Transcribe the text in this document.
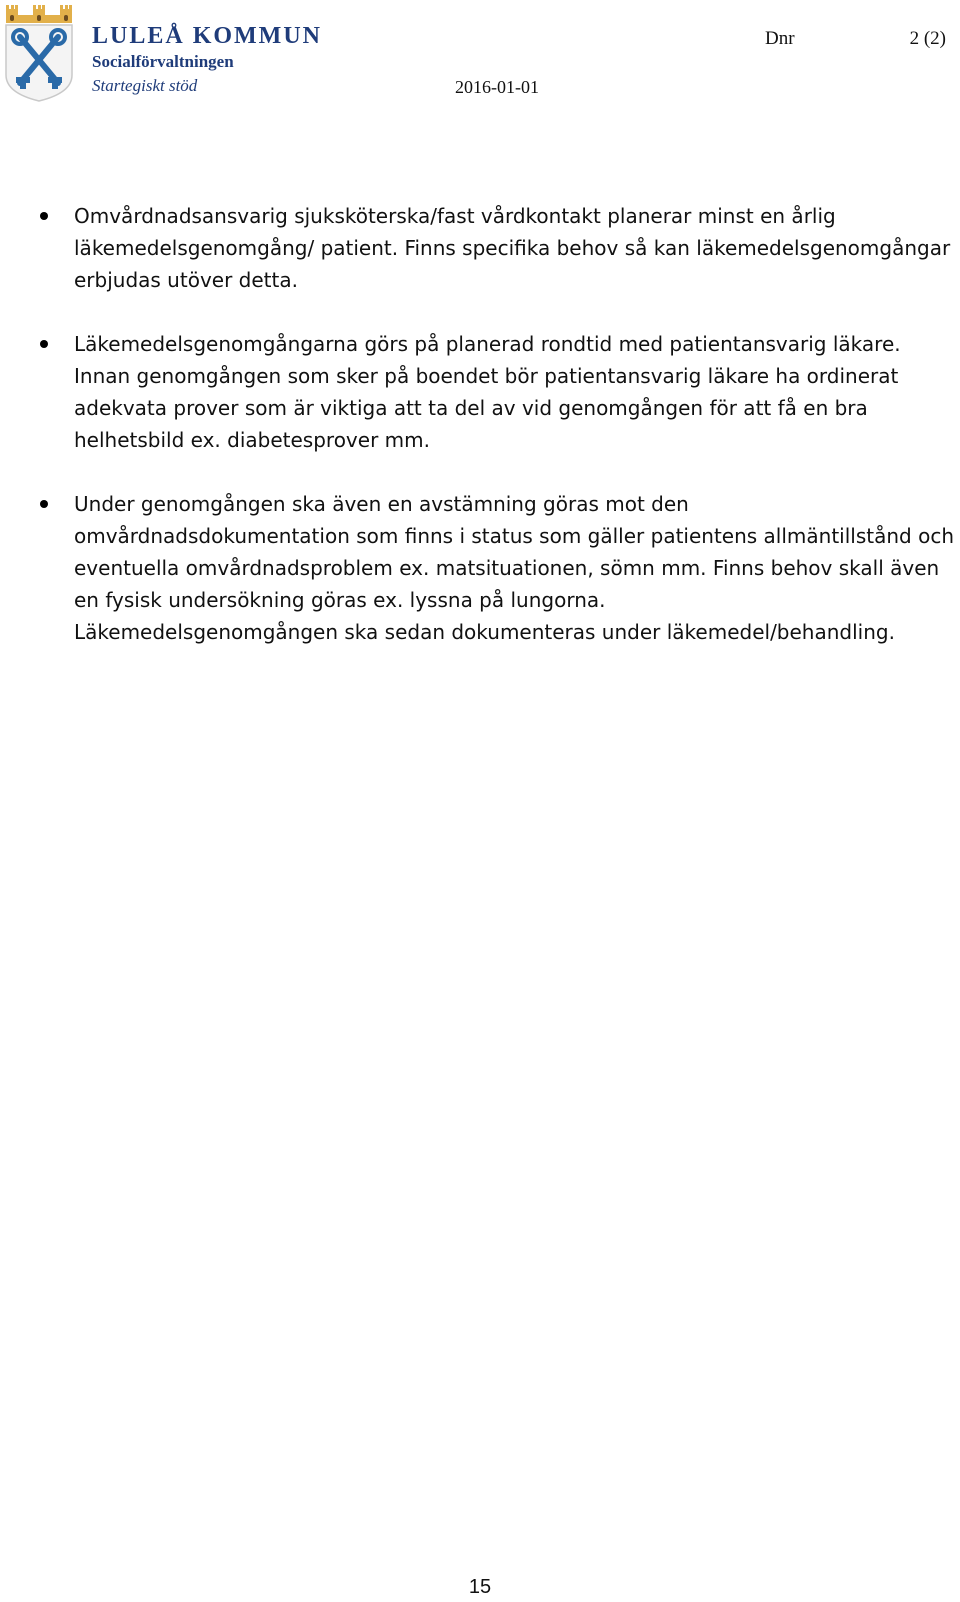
LULEÅ KOMMUN
Socialförvaltningen
Startegiskt stöd	2016-01-01
Dnr	2 (2)

Omvårdnadsansvarig sjuksköterska/fast vårdkontakt planerar minst en årlig läkemedelsgenomgång/ patient. Finns specifika behov så kan läkemedelsgenomgångar erbjudas utöver detta.

Läkemedelsgenomgångarna görs på planerad rondtid med patientansvarig läkare. Innan genomgången som sker på boendet bör patientansvarig läkare ha ordinerat adekvata prover som är viktiga att ta del av vid genomgången för att få en bra helhetsbild ex. diabetesprover mm.

Under genomgången ska även en avstämning göras mot den omvårdnadsdokumentation som finns i status som gäller patientens allmäntillstånd och eventuella omvårdnadsproblem ex. matsituationen, sömn mm. Finns behov skall även en fysisk undersökning göras ex. lyssna på lungorna.

Läkemedelsgenomgången ska sedan dokumenteras under läkemedel/behandling.

15
